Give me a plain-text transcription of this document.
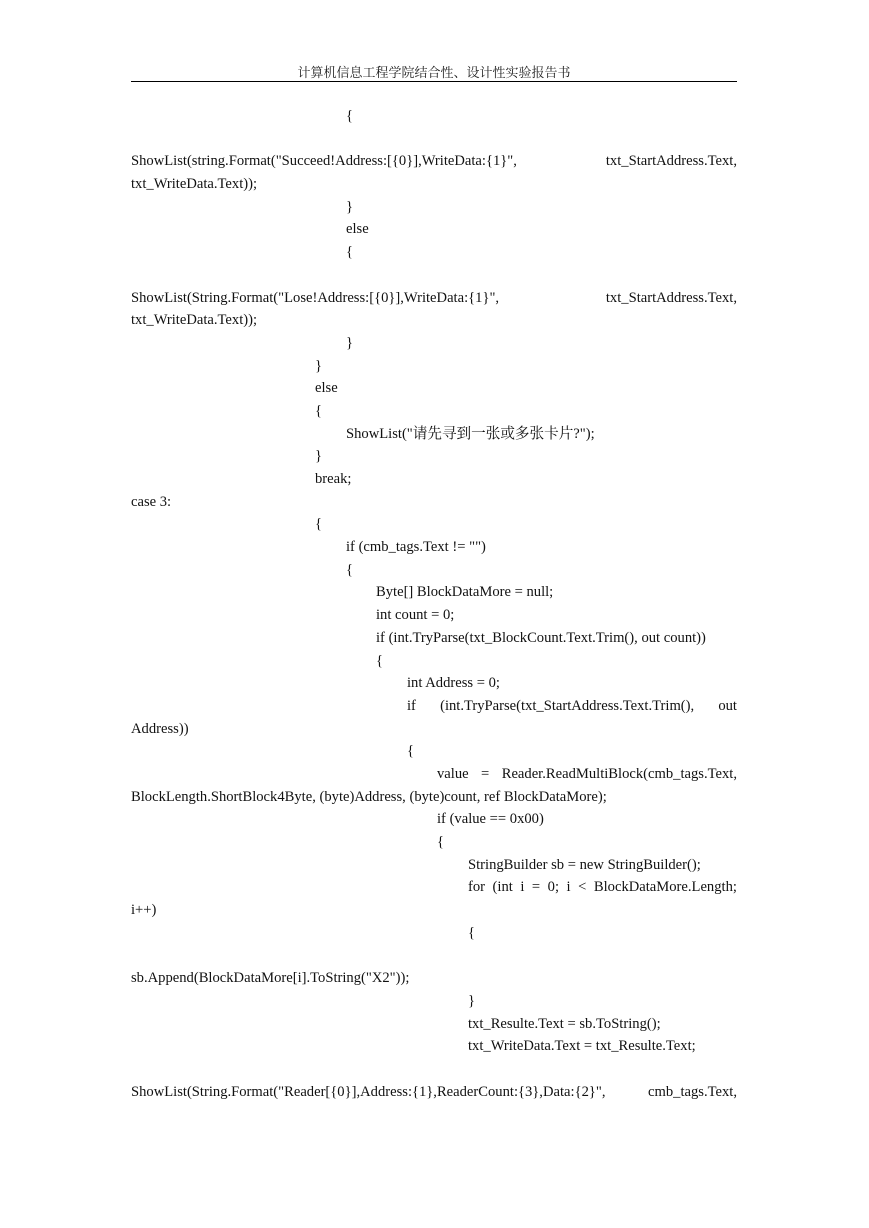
计算机信息工程学院结合性、设计性实验报告书
{
ShowList(string.Format("Succeed!Address:[{0}],WriteData:{1}",	txt_StartAddress.Text,
txt_WriteData.Text));
}
else
{
ShowList(String.Format("Lose!Address:[{0}],WriteData:{1}",	txt_StartAddress.Text,
txt_WriteData.Text));
}
}
else
{
ShowList("请先寻到一张或多张卡片?");
}
break;
case 3:
{
if (cmb_tags.Text != "")
{
Byte[] BlockDataMore = null;
int count = 0;
if (int.TryParse(txt_BlockCount.Text.Trim(), out count))
{
int Address = 0;
if (int.TryParse(txt_StartAddress.Text.Trim(), out
Address))
{
value = Reader.ReadMultiBlock(cmb_tags.Text,
BlockLength.ShortBlock4Byte, (byte)Address, (byte)count, ref BlockDataMore);
if (value == 0x00)
{
StringBuilder sb = new StringBuilder();
for (int i = 0; i < BlockDataMore.Length;
i++)
{
sb.Append(BlockDataMore[i].ToString("X2"));
}
txt_Resulte.Text = sb.ToString();
txt_WriteData.Text = txt_Resulte.Text;
ShowList(String.Format("Reader[{0}],Address:{1},ReaderCount:{3},Data:{2}",	cmb_tags.Text,
